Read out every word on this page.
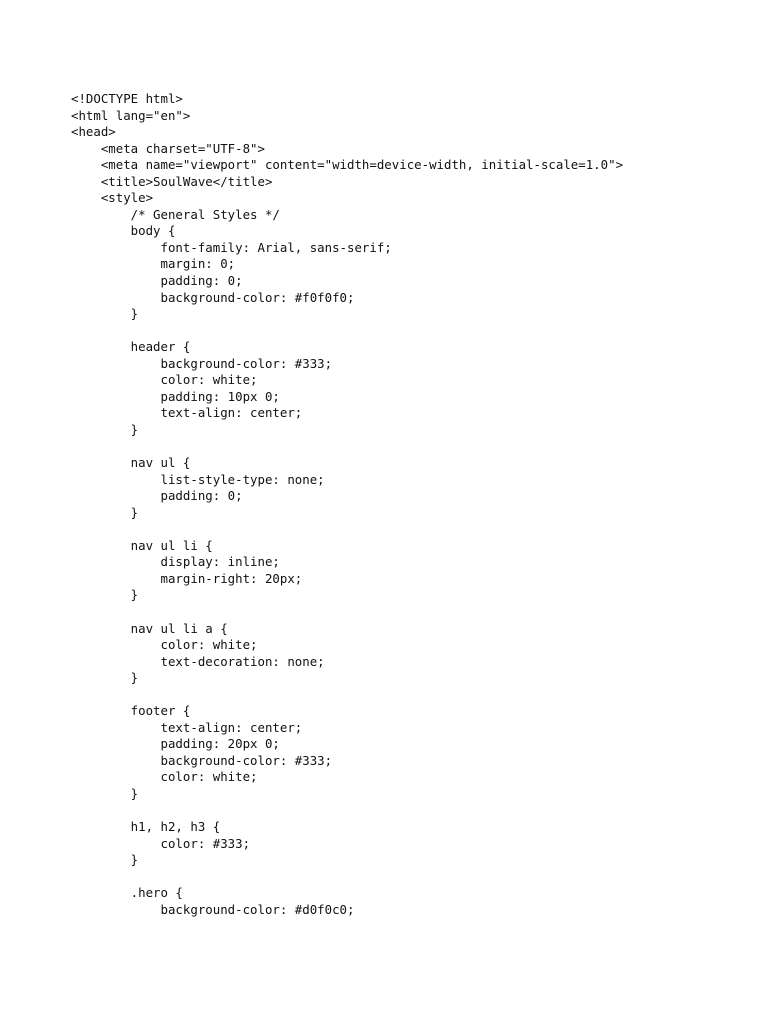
<!DOCTYPE html>
<html lang="en">
<head>
<meta charset="UTF-8">
<meta name="viewport" content="width=device-width, initial-scale=1.0">
<title>SoulWave</title>
<style>
/* General Styles */
body {
font-family: Arial, sans-serif;
margin: 0;
padding: 0;
background-color: #f0f0f0;
}
header {
background-color: #333;
color: white;
padding: 10px 0;
text-align: center;
}
nav ul {
list-style-type: none;
padding: 0;
}
nav ul li {
display: inline;
margin-right: 20px;
}
nav ul li a {
color: white;
text-decoration: none;
}
footer {
text-align: center;
padding: 20px 0;
background-color: #333;
color: white;
}
h1, h2, h3 {
color: #333;
}
.hero {
background-color: #d0f0c0;
